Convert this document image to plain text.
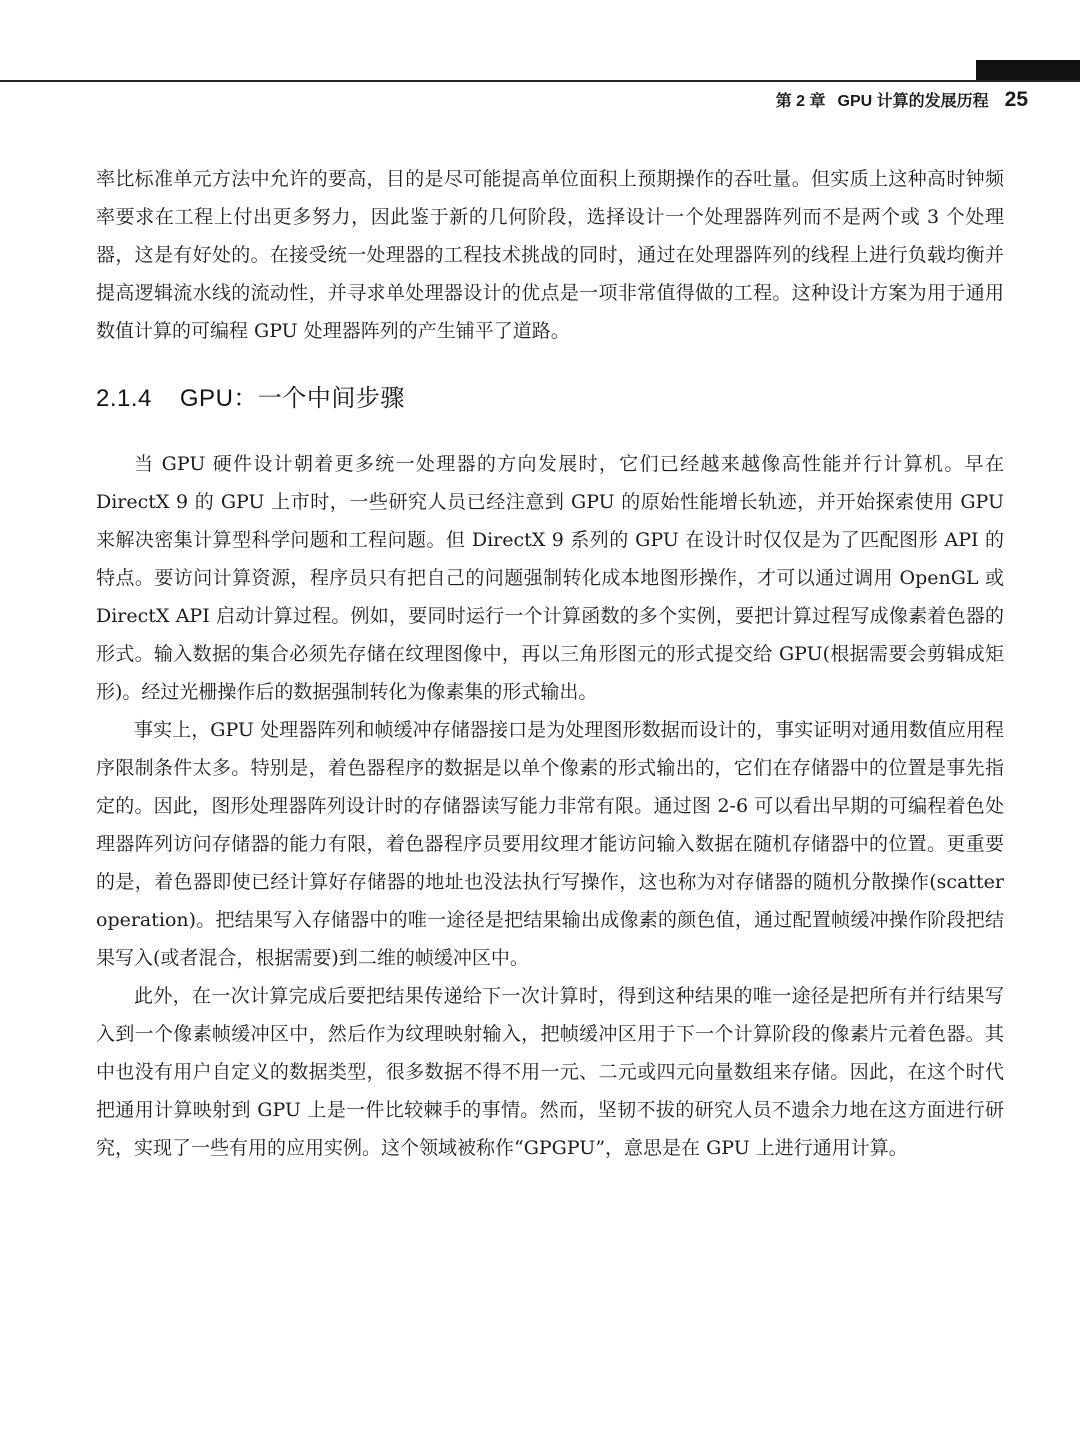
第 2 章 GPU 计算的发展历程 25

率比标准单元方法中允许的要高，目的是尽可能提高单位面积上预期操作的吞吐量。但实质上这种高时钟频率要求在工程上付出更多努力，因此鉴于新的几何阶段，选择设计一个处理器阵列而不是两个或 3 个处理器，这是有好处的。在接受统一处理器的工程技术挑战的同时，通过在处理器阵列的线程上进行负载均衡并提高逻辑流水线的流动性，并寻求单处理器设计的优点是一项非常值得做的工程。这种设计方案为用于通用数值计算的可编程 GPU 处理器阵列的产生铺平了道路。

2.1.4 GPU：一个中间步骤

当 GPU 硬件设计朝着更多统一处理器的方向发展时，它们已经越来越像高性能并行计算机。早在 DirectX 9 的 GPU 上市时，一些研究人员已经注意到 GPU 的原始性能增长轨迹，并开始探索使用 GPU 来解决密集计算型科学问题和工程问题。但 DirectX 9 系列的 GPU 在设计时仅仅是为了匹配图形 API 的特点。要访问计算资源，程序员只有把自己的问题强制转化成本地图形操作，才可以通过调用 OpenGL 或 DirectX API 启动计算过程。例如，要同时运行一个计算函数的多个实例，要把计算过程写成像素着色器的形式。输入数据的集合必须先存储在纹理图像中，再以三角形图元的形式提交给 GPU(根据需要会剪辑成矩形)。经过光栅操作后的数据强制转化为像素集的形式输出。

事实上，GPU 处理器阵列和帧缓冲存储器接口是为处理图形数据而设计的，事实证明对通用数值应用程序限制条件太多。特别是，着色器程序的数据是以单个像素的形式输出的，它们在存储器中的位置是事先指定的。因此，图形处理器阵列设计时的存储器读写能力非常有限。通过图 2-6 可以看出早期的可编程着色处理器阵列访问存储器的能力有限，着色器程序员要用纹理才能访问输入数据在随机存储器中的位置。更重要的是，着色器即使已经计算好存储器的地址也没法执行写操作，这也称为对存储器的随机分散操作(scatter operation)。把结果写入存储器中的唯一途径是把结果输出成像素的颜色值，通过配置帧缓冲操作阶段把结果写入(或者混合，根据需要)到二维的帧缓冲区中。

此外，在一次计算完成后要把结果传递给下一次计算时，得到这种结果的唯一途径是把所有并行结果写入到一个像素帧缓冲区中，然后作为纹理映射输入，把帧缓冲区用于下一个计算阶段的像素片元着色器。其中也没有用户自定义的数据类型，很多数据不得不用一元、二元或四元向量数组来存储。因此，在这个时代把通用计算映射到 GPU 上是一件比较棘手的事情。然而，坚韧不拔的研究人员不遗余力地在这方面进行研究，实现了一些有用的应用实例。这个领域被称作“GPGPU”，意思是在 GPU 上进行通用计算。
